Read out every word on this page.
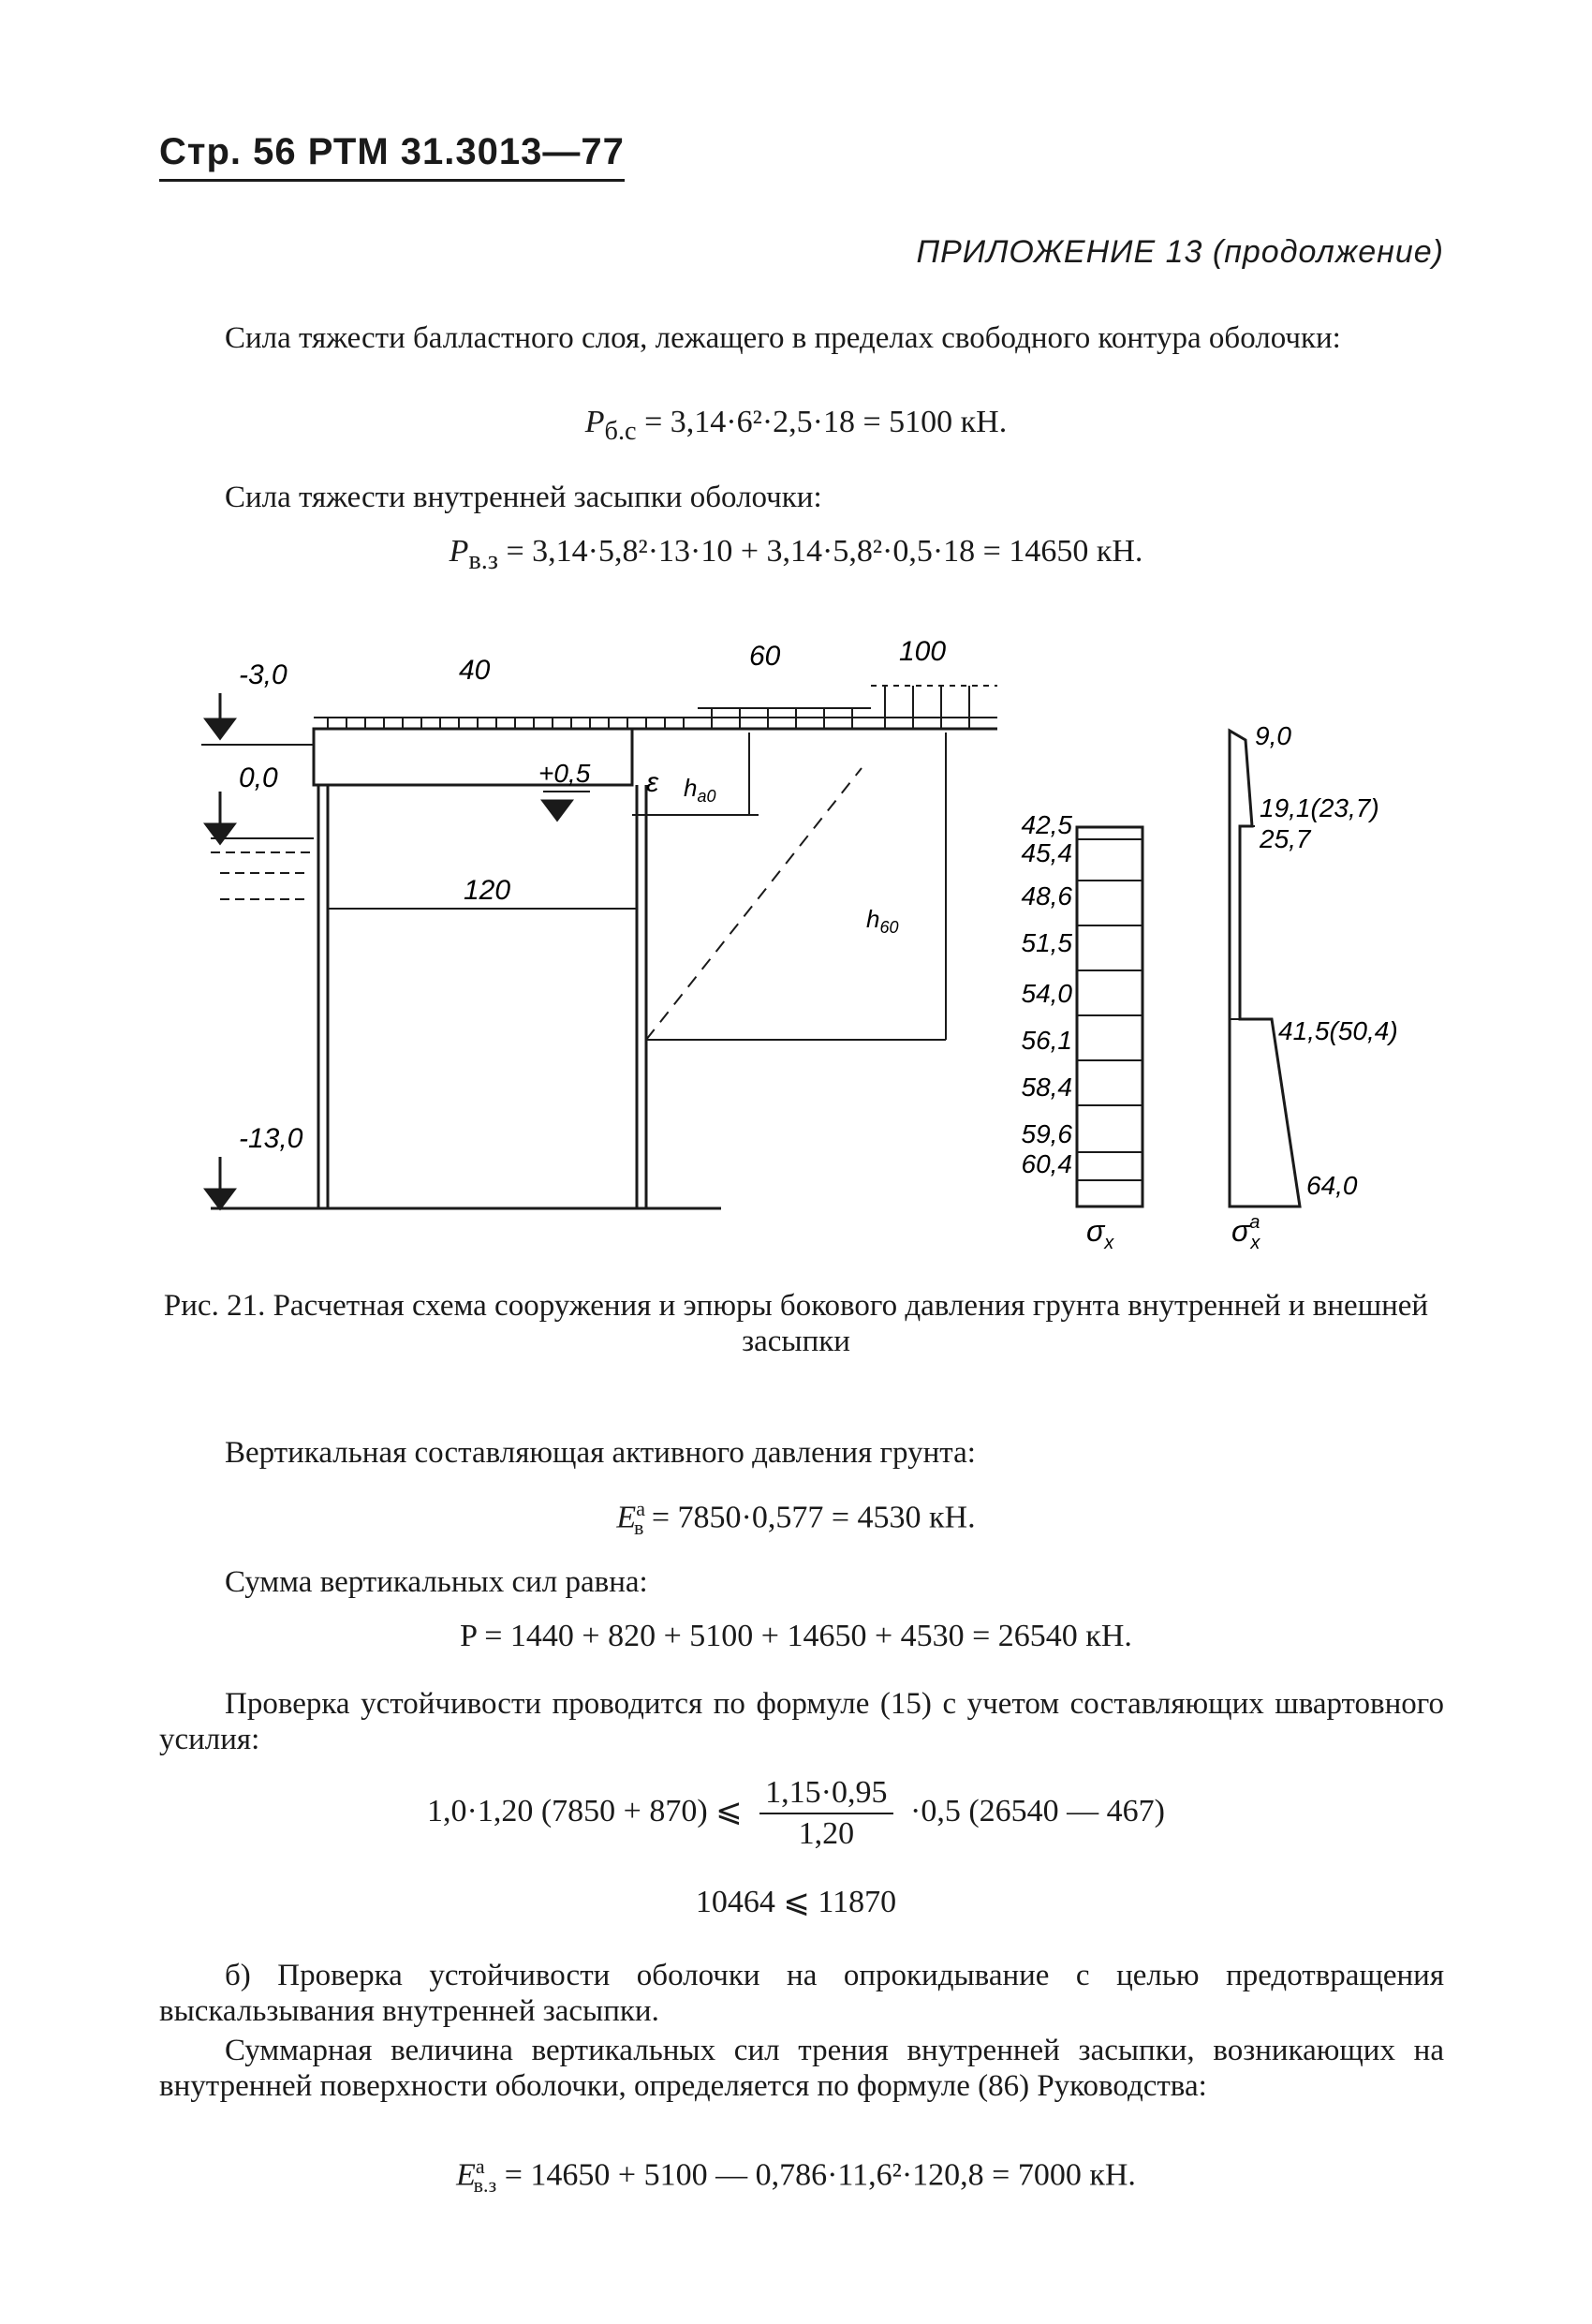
Стр. 56 РТМ 31.3013—77
ПРИЛОЖЕНИЕ 13 (продолжение)
Сила тяжести балластного слоя, лежащего в пределах свободного контура оболочки:
$P_{б.с} = 3,14\cdot 6^2\cdot 2,5\cdot 18 = 5100$ кН.
Сила тяжести внутренней засыпки оболочки:
$P_{в.з} = 3,14\cdot 5,8^2\cdot 13\cdot 10 + 3,14\cdot 5,8^2\cdot 0,5\cdot 18 = 14650$ кН.
-3,0
0,0
-13,0
+0,5
40	60	100
120
ε $h_{a0}$
$h_{60}$
42,5
45,4
48,6
51,5
54,0
56,1
58,4
59,6
60,4
$\sigma_x$
9,0
19,1(23,7)
25,7
41,5(50,4)
64,0
$\sigma^a$ x
Рис. 21. Расчетная схема сооружения и эпюры бокового давления грунта внутренней и внешней засыпки
Вертикальная составляющая активного давления грунта:
$E^а_в = 7850\cdot 0,577 = 4530$ кН.
Сумма вертикальных сил равна:
P = 1440 + 820 + 5100 + 14650 + 4530 = 26540 кН.
Проверка устойчивости проводится по формуле (15) с учетом составляющих швартовного усилия:
1,0·1,20 (7850 + 870) ⩽ $\frac{1,15\cdot 0,95}{1,20} \cdot 0,5$ (26540 — 467)
10464 ⩽ 11870
б) Проверка устойчивости оболочки на опрокидывание с целью предотвращения выскальзывания внутренней засыпки.
Суммарная величина вертикальных сил трения внутренней засыпки, возникающих на внутренней поверхности оболочки, определяется по формуле (86) Руководства:
$E^а_{в.з} = 14650 + 5100$ — 0,786·11,6²·120,8 = 7000 кН.
